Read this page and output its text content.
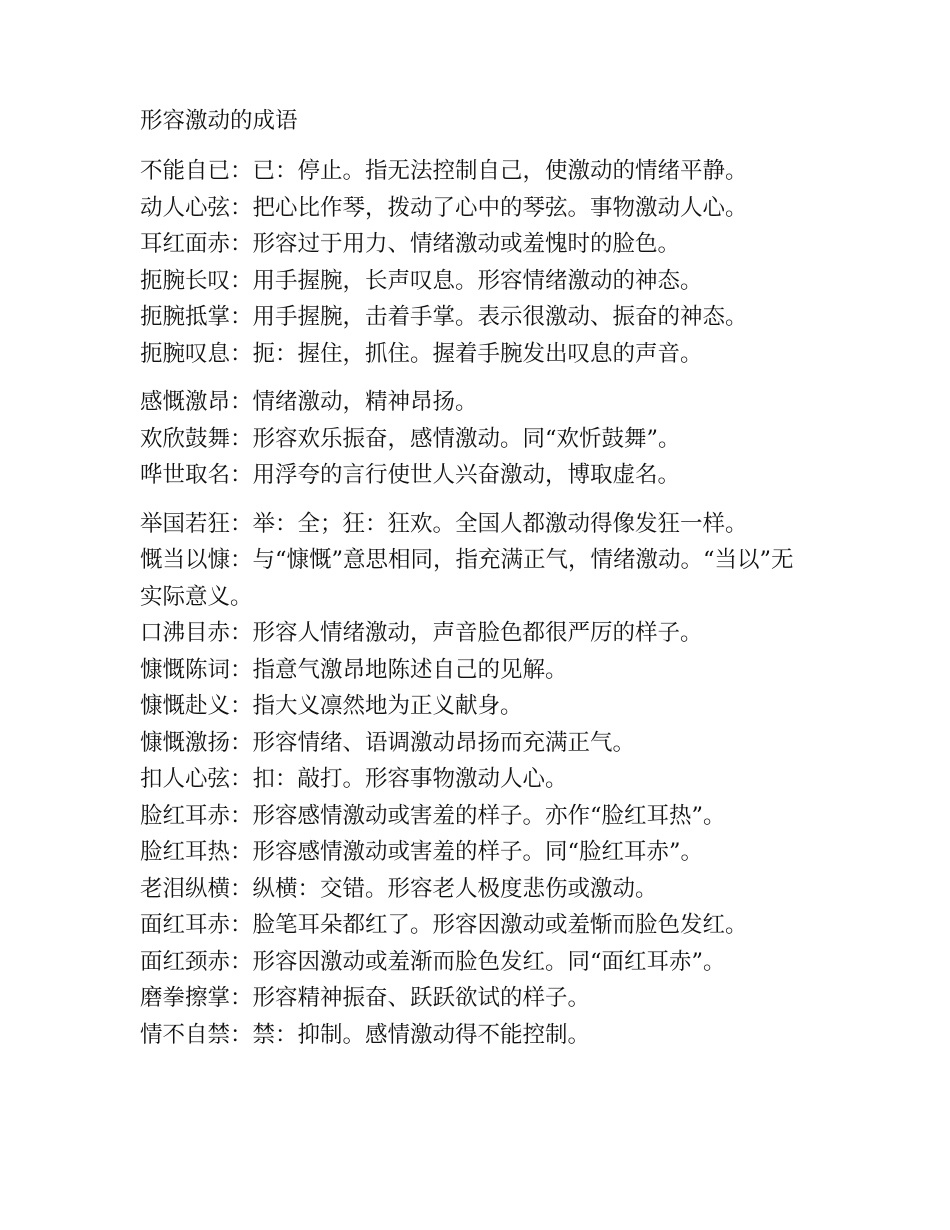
形容激动的成语

不能自已：已：停止。指无法控制自己，使激动的情绪平静。

动人心弦：把心比作琴，拨动了心中的琴弦。事物激动人心。

耳红面赤：形容过于用力、情绪激动或羞愧时的脸色。

扼腕长叹：用手握腕，长声叹息。形容情绪激动的神态。

扼腕抵掌：用手握腕，击着手掌。表示很激动、振奋的神态。

扼腕叹息：扼：握住，抓住。握着手腕发出叹息的声音。

感慨激昂：情绪激动，精神昂扬。

欢欣鼓舞：形容欢乐振奋，感情激动。同“欢忻鼓舞”。

哗世取名：用浮夸的言行使世人兴奋激动，博取虚名。

举国若狂：举：全；狂：狂欢。全国人都激动得像发狂一样。

慨当以慷：与“慷慨”意思相同，指充满正气，情绪激动。“当以”无实际意义。

口沸目赤：形容人情绪激动，声音脸色都很严厉的样子。

慷慨陈词：指意气激昂地陈述自己的见解。

慷慨赴义：指大义凛然地为正义献身。

慷慨激扬：形容情绪、语调激动昂扬而充满正气。

扣人心弦：扣：敲打。形容事物激动人心。

脸红耳赤：形容感情激动或害羞的样子。亦作“脸红耳热”。

脸红耳热：形容感情激动或害羞的样子。同“脸红耳赤”。

老泪纵横：纵横：交错。形容老人极度悲伤或激动。

面红耳赤：脸笔耳朵都红了。形容因激动或羞惭而脸色发红。

面红颈赤：形容因激动或羞渐而脸色发红。同“面红耳赤”。

磨拳擦掌：形容精神振奋、跃跃欲试的样子。

情不自禁：禁：抑制。感情激动得不能控制。
